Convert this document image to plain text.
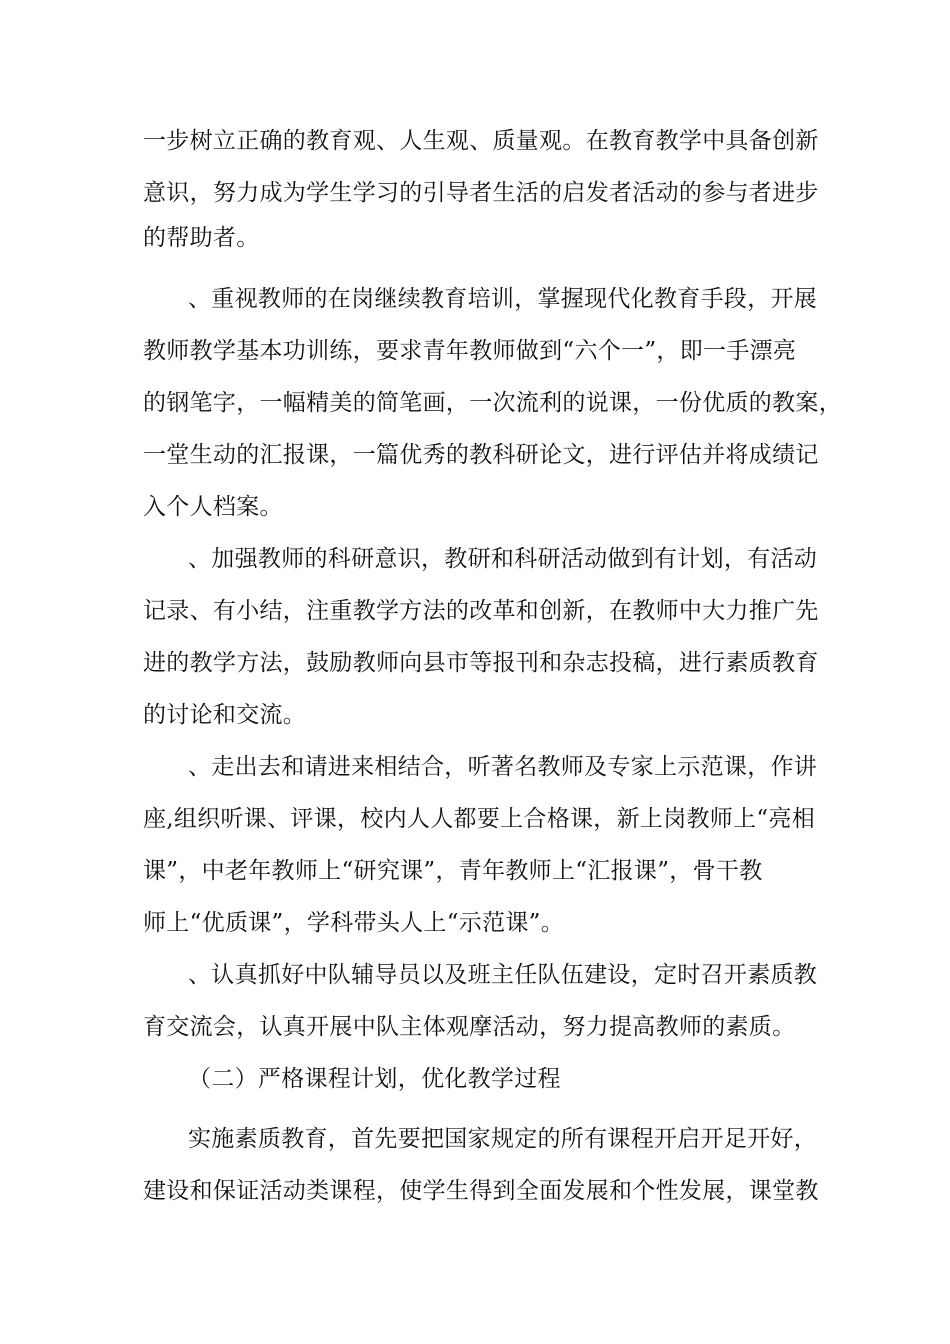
一步树立正确的教育观、人生观、质量观。在教育教学中具备创新
意识，努力成为学生学习的引导者生活的启发者活动的参与者进步
的帮助者。
、重视教师的在岗继续教育培训，掌握现代化教育手段，开展
教师教学基本功训练，要求青年教师做到“六个一”，即一手漂亮
的钢笔字，一幅精美的简笔画，一次流利的说课，一份优质的教案，
一堂生动的汇报课，一篇优秀的教科研论文，进行评估并将成绩记
入个人档案。
、加强教师的科研意识，教研和科研活动做到有计划，有活动
记录、有小结，注重教学方法的改革和创新，在教师中大力推广先
进的教学方法，鼓励教师向县市等报刊和杂志投稿，进行素质教育
的讨论和交流。
、走出去和请进来相结合，听著名教师及专家上示范课，作讲
座,组织听课、评课，校内人人都要上合格课，新上岗教师上“亮相
课”，中老年教师上“研究课”，青年教师上“汇报课”，骨干教
师上“优质课”，学科带头人上“示范课”。
、认真抓好中队辅导员以及班主任队伍建设，定时召开素质教
育交流会，认真开展中队主体观摩活动，努力提高教师的素质。
（二）严格课程计划，优化教学过程
实施素质教育，首先要把国家规定的所有课程开启开足开好，
建设和保证活动类课程，使学生得到全面发展和个性发展，课堂教
